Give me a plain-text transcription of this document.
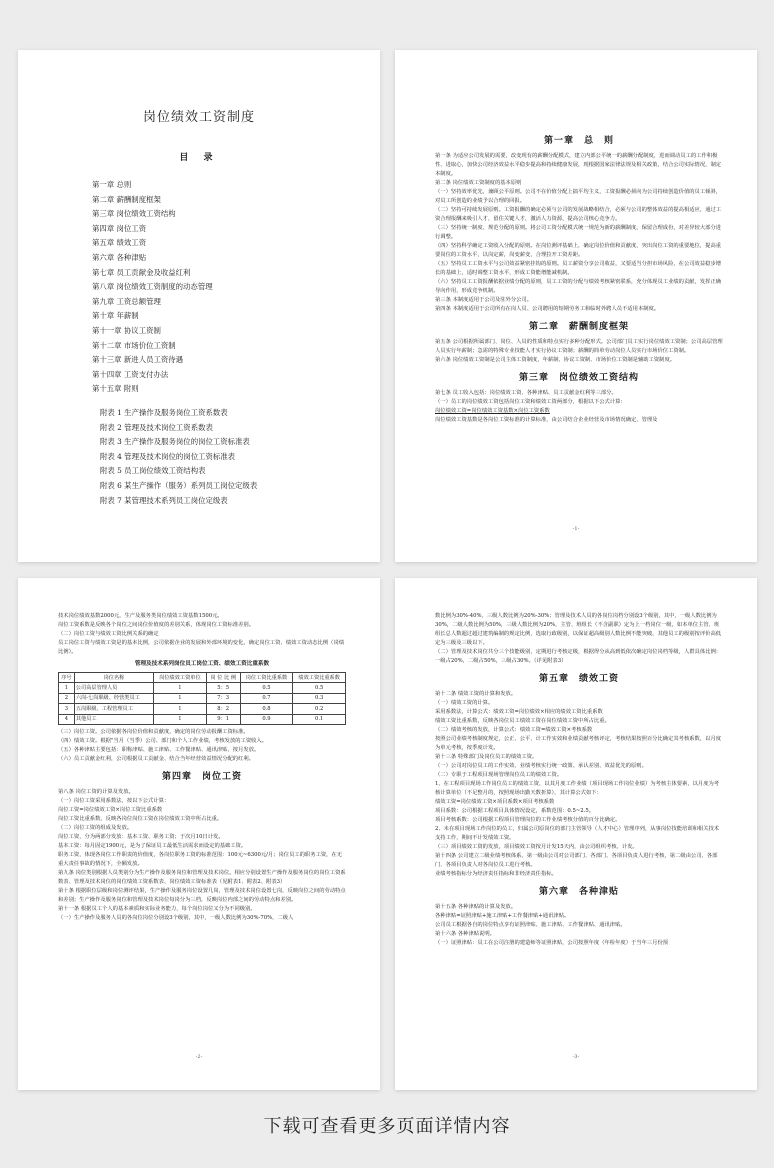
岗位绩效工资制度
目 录
第一章 总则
第二章 薪酬制度框架
第三章 岗位绩效工资结构
第四章 岗位工资
第五章 绩效工资
第六章 各种津贴
第七章 员工贡献金及收益红利
第八章 岗位绩效工资制度的动态管理
第九章 工资总额管理
第十章 年薪制
第十一章 协议工资制
第十二章 市场价位工资制
第十三章 新进人员工资待遇
第十四章 工资支付办法
第十五章 附则
附表 1 生产操作及服务岗位工资系数表
附表 2 管理及技术岗位工资系数表
附表 3 生产操作及服务岗位的岗位工资标准表
附表 4 管理及技术岗位的岗位工资标准表
附表 5 员工岗位绩效工资结构表
附表 6 某生产操作（服务）系列员工岗位定级表
附表 7 某管理技术系列员工岗位定级表
第一章　总　则

第一条 为适应公司发展的需要，改变现有的薪酬分配模式，建立内部公平统一的薪酬分配制度，进而调动员工的工作积极性、进取心，加快公司经济效益水平稳步提高和持续健康发展，现根据国家法律法规及相关政策，结合公司实际情况，制定本制度。

第二条 岗位绩效工资制度的基本原则

（一）坚持效率优先，兼顾公平原则。公司不在价值分配上搞平均主义，工资报酬必须向为公司持续创造价值的员工倾斜，对员工所创造的业绩予以合理的回报。

（二）坚持可持续发展原则。工资报酬的确定必须与公司的发展战略相结合，必须与公司的整体效益的提高相适应，通过工资合理报酬来吸引人才，留住关键人才，激活人力资源，提高公司核心竞争力。

（三）坚持统一制度、规范分配的原则。将公司工资分配模式统一规范为新的薪酬制度，保留合理成份，对差异较大部分进行调整。

（四）坚持科学确定工资收入分配的原则。在岗位测评基础上，确定岗位价值和贡献度，突出岗位工资的重要地位，提高重要岗位的工资水平，以岗定薪，岗变薪变，合理拉开工资差距。

（五）坚持员工工资水平与公司效益紧密挂钩的原则。员工薪资分享公司收益，又要适当分担市场风险，在公司效益稳步增长的基础上，适时调整工资水平，形成工资能增能减机制。

（六）坚持员工工资报酬依据业绩分配的原则，员工工资的分配与绩效考核紧密联系，充分体现员工业绩的贡献，发挥正确导向作用，形成竞争机制。

第三条 本制度适用于公司及驻外分公司。

第四条 本制度适用于公司所有在岗人员、公司聘用的短期劳务工和临时外聘人员不适用本制度。

第二章　薪酬制度框架

第五条 公司根据所属部门、岗位、人员的性质和特点实行多种分配形式。公司部门员工实行岗位绩效工资制；公司高层管理人员实行年薪制；急需的特殊专业技能人才实行协议工资制；薪酬的简单劳动岗位人员实行市场价位工资制。

第六条 岗位绩效工资制是公司主体工资制度，年薪制、协议工资制、市场价位工资制是辅助工资制度。

第三章　岗位绩效工资结构

第七条 员工收入包括：岗位绩效工资、各种津贴、员工贡献金红利等三部分。

（一）员工的岗位绩效工资包括岗位工资和绩效工资两部分，根据以下公式计算：

岗位绩效工资=岗位绩效工资基数×岗位工资系数

岗位绩效工资基数是各岗位工资标准的计算标准，由公司结合企业经营及市场情况确定，管理及

-1-

技术岗位绩效基数2000元，生产及服务类岗位绩效工资基数1500元。

岗位工资系数是反映各个岗位之间岗位价值度的差别关系，体现岗位工资标准差别。

（二）岗位工资与绩效工资比例关系的确定

员工岗位工资与绩效工资是的基本比例，公司依据企业的发展和外部环境的变化，确定岗位工资、绩效工资动态比例（岗绩比例）。

管理及技术系列岗位员工岗位工资、绩效工资比重系数
序号	岗位名称	岗位绩效工资单位	岗 位 比 例	岗位工资比重系数	绩效工资比重系数
1	公司高层管理人员	1	5：5	0.5	0.5
2	六岗-七岗职级、经营类员工	1	7：3	0.7	0.3
3	五岗职级、工程管理员工	1	8：2	0.8	0.2
4	其他员工	1	9：1	0.9	0.1

（三）岗位工资。公司依据各岗位价值和贡献度，确定的岗位劳动报酬工资标准。

（四）绩效工资。根据"当月（当季）公司、部门和个人工作业绩，考核发放的工资收入。

（五）各种津贴主要包括：职称津贴、施工津贴、工作餐津贴、通讯津贴，按月发放。

（六）员工贡献金红利，公司根据员工贡献金、结合当年经营效益情况分配的红利。

第四章　岗位工资

第八条 岗位工资的计算及发放。

（一）岗位工资采用系数法，按以下公式计算：

岗位工资=岗位绩效工资×岗位工资比重系数

岗位工资比重系数，反映各岗位岗位工资在岗位绩效工资中所占比重。

（二）岗位工资的组成及发放。

岗位工资，分为两部分发放：基本工资、职务工资；于次月10日计发。

基本工资：每月固定1900元，是为了保证员工最低生活需求而设定的基础工资。

职务工资，体现各岗位工作职责的价值度，各岗位职务工资的标准范围：100元~6300元/月；岗位员工的职务工资，在无重大责任事故的情况下，全额发放。

第九条 岗位类别根据人员类别分为生产操作及服务岗位和管理及技术岗位。相应分别设置生产操作及服务岗位的岗位工资系数表、管理及技术岗位的岗位绩效工资系数表、岗位绩效工资标准表（见附表1、附表2、附表3）

第十条 根据职位层级和岗位测评结果，生产操作及服务岗位设置几岗，管理及技术岗位设置七岗，反映岗位之间的劳动特点和差别；生产操作及服务岗位和管理及技术岗位每岗分为三档，反映岗位内部之间的劳动特点和差别。

第十一条 根据员工个人的基本素质和实际业务能力，每个岗位岗位又分为不同级别。

（一）生产操作及服务人员的各岗位岗位分别设3个级别，其中，一级人数比例为30%-70%，二级人

-2-

数比例为30%-40%，三级人数比例为20%-30%；管理及技术人员的各岗位岗档分别设3个级别，其中，一级人数比例为30%，二级人数比例为50%，三级人数比例为20%，主管、班组长（不含副职）定为上一档岗位一级，如本单位主管、班组长总人数超过超过建筑编制的规定比例，选取行政级别，以保证超高级别人数比例不能突破，其他员工的级别按评价高低定为三级及三级以下。

（二）管理及技术岗位共分三个技能级别，定期进行考核定级，根据得分从高到低依次确定岗位岗档等级，人群具体比例：一级占20%，二级占50%，三级占30%。（详见附表3）

第五章　绩效工资

第十二条 绩效工资的计算和发放。

（一）绩效工资的计算。

采用系数法，计算公式：绩效工资=岗位绩效×相应的绩效工资比重系数

绩效工资比重系数，反映各岗位员工绩效工资在岗位绩效工资中所占比重。

（二）绩效考核的发放，计算公式：绩效工资=绩效工资×考核系数

按照公司业绩考核制度规定，公正、公平、计工作实效和业绩贡献考核评定，考核结果按照百分比确定其考核系数，以月度为单元考核，按季度计发。

第十三条 特殊部门及岗位员工的绩效工资。

（一）公司对岗位员工的工作实效、业绩考核实行统一政策、承认差别、效益优先的原则。

（二）专职于工程项目现场管理岗位员工的绩效工资。

1、在工程项目现场工作岗位员工的绩效工资，以其月度工作业绩（项目现场工作岗位业绩）为考核主体要素，以月度为考核计算单位（不足整月的，按照现场出勤天数折算），其计算公式如下：

绩效工资=岗位绩效工资×项目系数×项目考核系数

项目系数：公司根据工程项目具体情况设定，系数范围：0.5~2.5。

项目考核系数：公司根据工程项目管理岗位的工作业绩考核分值的百分比确定。

2、未在项目现场工作岗位的员工，归属公司原岗位的部门主管领导（人才中心）管理序列，从事岗位技能培训和相关技术支持工作，期间不计发绩效工资。

（三）项目绩效工资的发放，项目绩效工资按月计发15天内，由公司组织考核、计发。

第十四条 公司建立二级业绩考核体系，第一级由公司对公司部门、各部门、各项目负责人进行考核，第二级由公司、各部门、各项目负责人对各岗位员工进行考核。

业绩考核指标分为经济责任指标和非经济责任指标。

第六章　各种津贴

第十五条 各种津贴的计算及发放。

各种津贴=证照津贴+施工津贴+工作餐津贴+通讯津贴。

公司员工根据各自的岗位特点享有证照津贴、施工津贴、工作餐津贴、通讯津贴。

第十六条 各种津贴说明。

（一）证照津贴：员工在公司注册的建造师等证照津贴，公司按照年度（年检年度）于当年三月份预

-3-
下载可查看更多页面详情内容
